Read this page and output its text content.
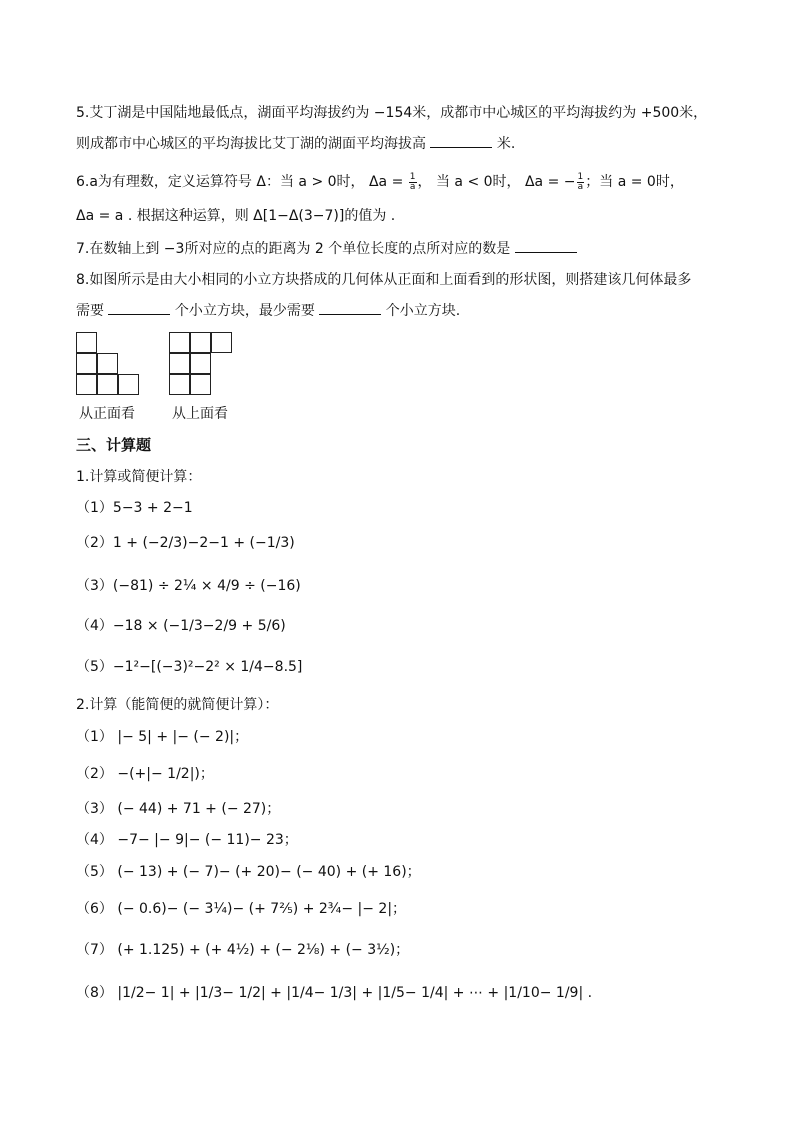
5.艾丁湖是中国陆地最低点，湖面平均海拔约为 −154米，成都市中心城区的平均海拔约为 +500米，
则成都市中心城区的平均海拔比艾丁湖的湖面平均海拔高	米.
6.a为有理数，定义运算符号 Δ：当 a > 0时， $\Delta a = \frac{1}{a}$ ， 当 a < 0时， Δa = − $\frac{1}{a}$ ；当 a = 0时，
Δa = a . 根据这种运算，则 Δ[1−Δ(3−7)]的值为 .
7.在数轴上到 −3所对应的点的距离为 2 个单位长度的点所对应的数是
8.如图所示是由大小相同的小立方块搭成的几何体从正面和上面看到的形状图，则搭建该几何体最多
需要	个小立方块，最少需要	个小立方块.
从正面看	从上面看
三、计算题
1.计算或简便计算：
（1）5−3 + 2−1
（2）1 + (−2/3)−2−1 + (−1/3)
（3）(−81) ÷ 2¼ × 4/9 ÷ (−16)
（4）−18 × (−1/3−2/9 + 5/6)
（5）−1²−[(−3)²−2² × 1/4−8.5]
2.计算（能简便的就简便计算）：
（1） |− 5| + |− (− 2)|；
（2） −(+|− 1/2|)；
（3） (− 44) + 71 + (− 27)；
（4） −7− |− 9|− (− 11)− 23；
（5） (− 13) + (− 7)− (+ 20)− (− 40) + (+ 16)；
（6） (− 0.6)− (− 3¼)− (+ 7⅖) + 2¾− |− 2|；
（7） (+ 1.125) + (+ 4½) + (− 2⅛) + (− 3½)；
（8） |1/2− 1| + |1/3− 1/2| + |1/4− 1/3| + |1/5− 1/4| + ⋯ + |1/10− 1/9| .
